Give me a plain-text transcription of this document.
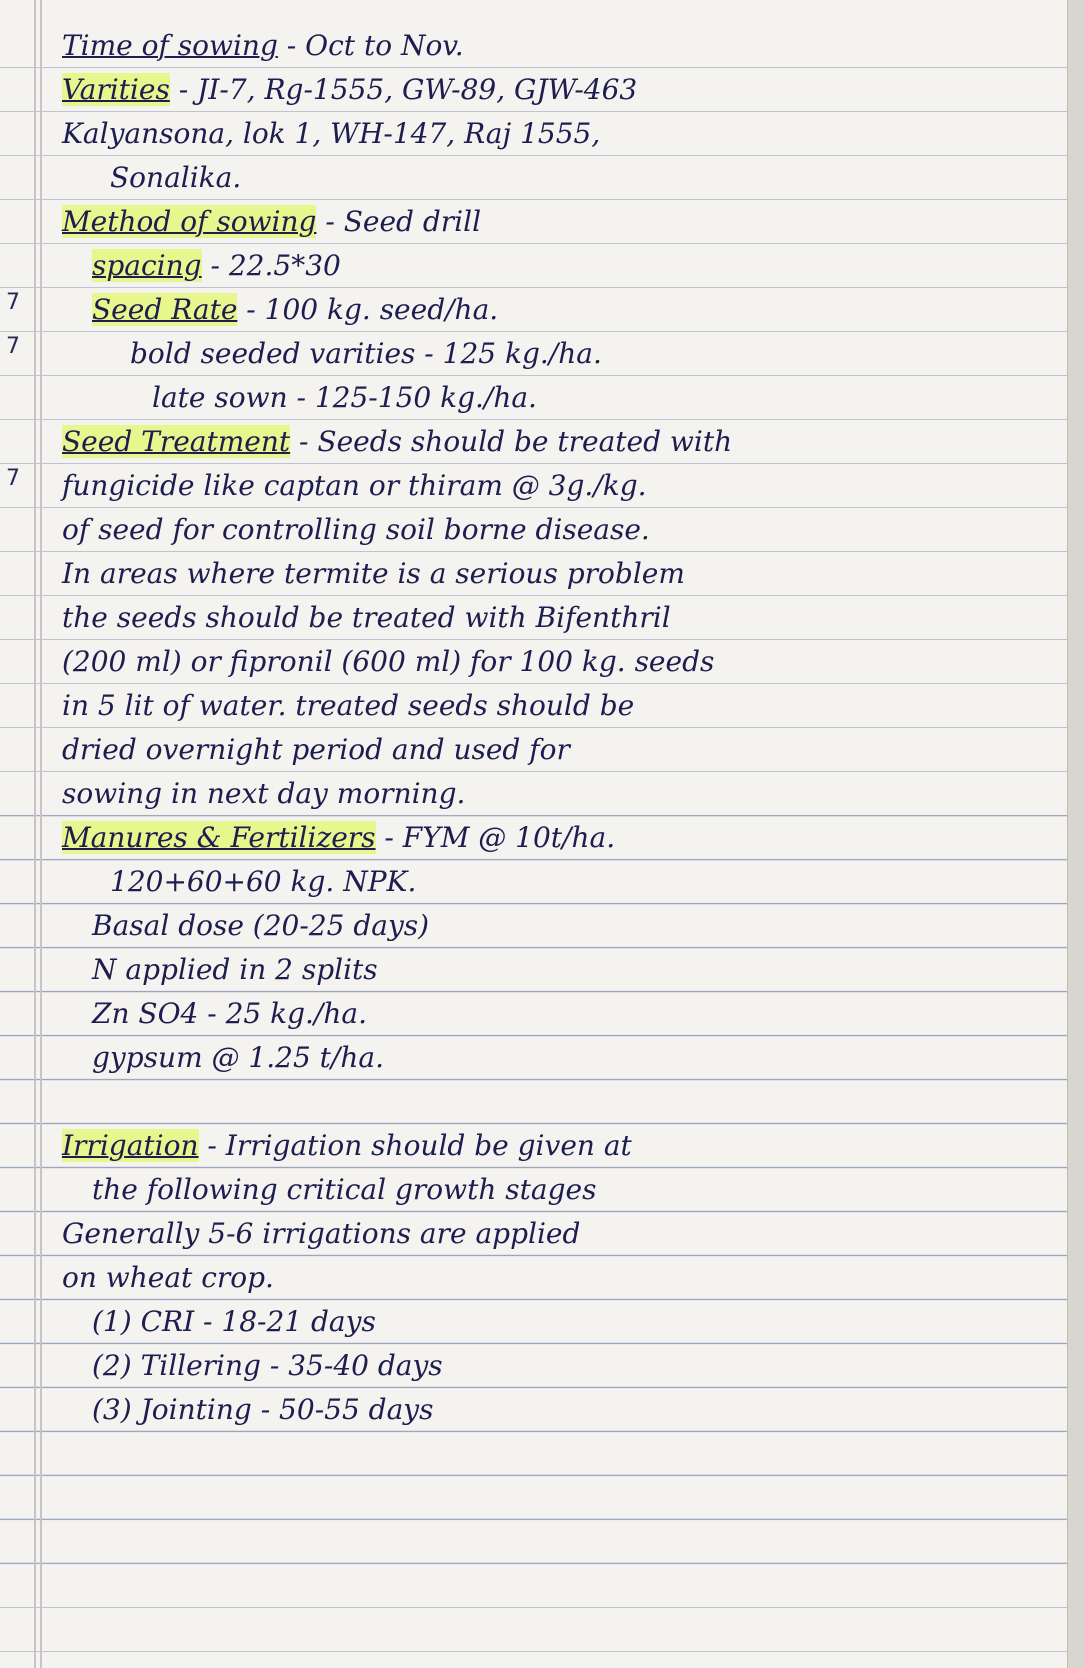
7
7
7
Time of sowing - Oct to Nov.
Varities - JI-7, Rg-1555, GW-89, GJW-463
Kalyansona, lok 1, WH-147, Raj 1555,
Sonalika.
Method of sowing - Seed drill
spacing - 22.5*30
Seed Rate - 100 kg. seed/ha.
bold seeded varities - 125 kg./ha.
late sown - 125-150 kg./ha.
Seed Treatment - Seeds should be treated with
fungicide like captan or thiram @ 3g./kg.
of seed for controlling soil borne disease.
In areas where termite is a serious problem
the seeds should be treated with Bifenthril
(200 ml) or fipronil (600 ml) for 100 kg. seeds
in 5 lit of water. treated seeds should be
dried overnight period and used for
sowing in next day morning.
Manures & Fertilizers - FYM @ 10t/ha.
120+60+60 kg. NPK.
Basal dose (20-25 days)
N applied in 2 splits
Zn SO4 - 25 kg./ha.
gypsum @ 1.25 t/ha.
Irrigation - Irrigation should be given at
the following critical growth stages
Generally 5-6 irrigations are applied
on wheat crop.
(1) CRI - 18-21 days
(2) Tillering - 35-40 days
(3) Jointing - 50-55 days
